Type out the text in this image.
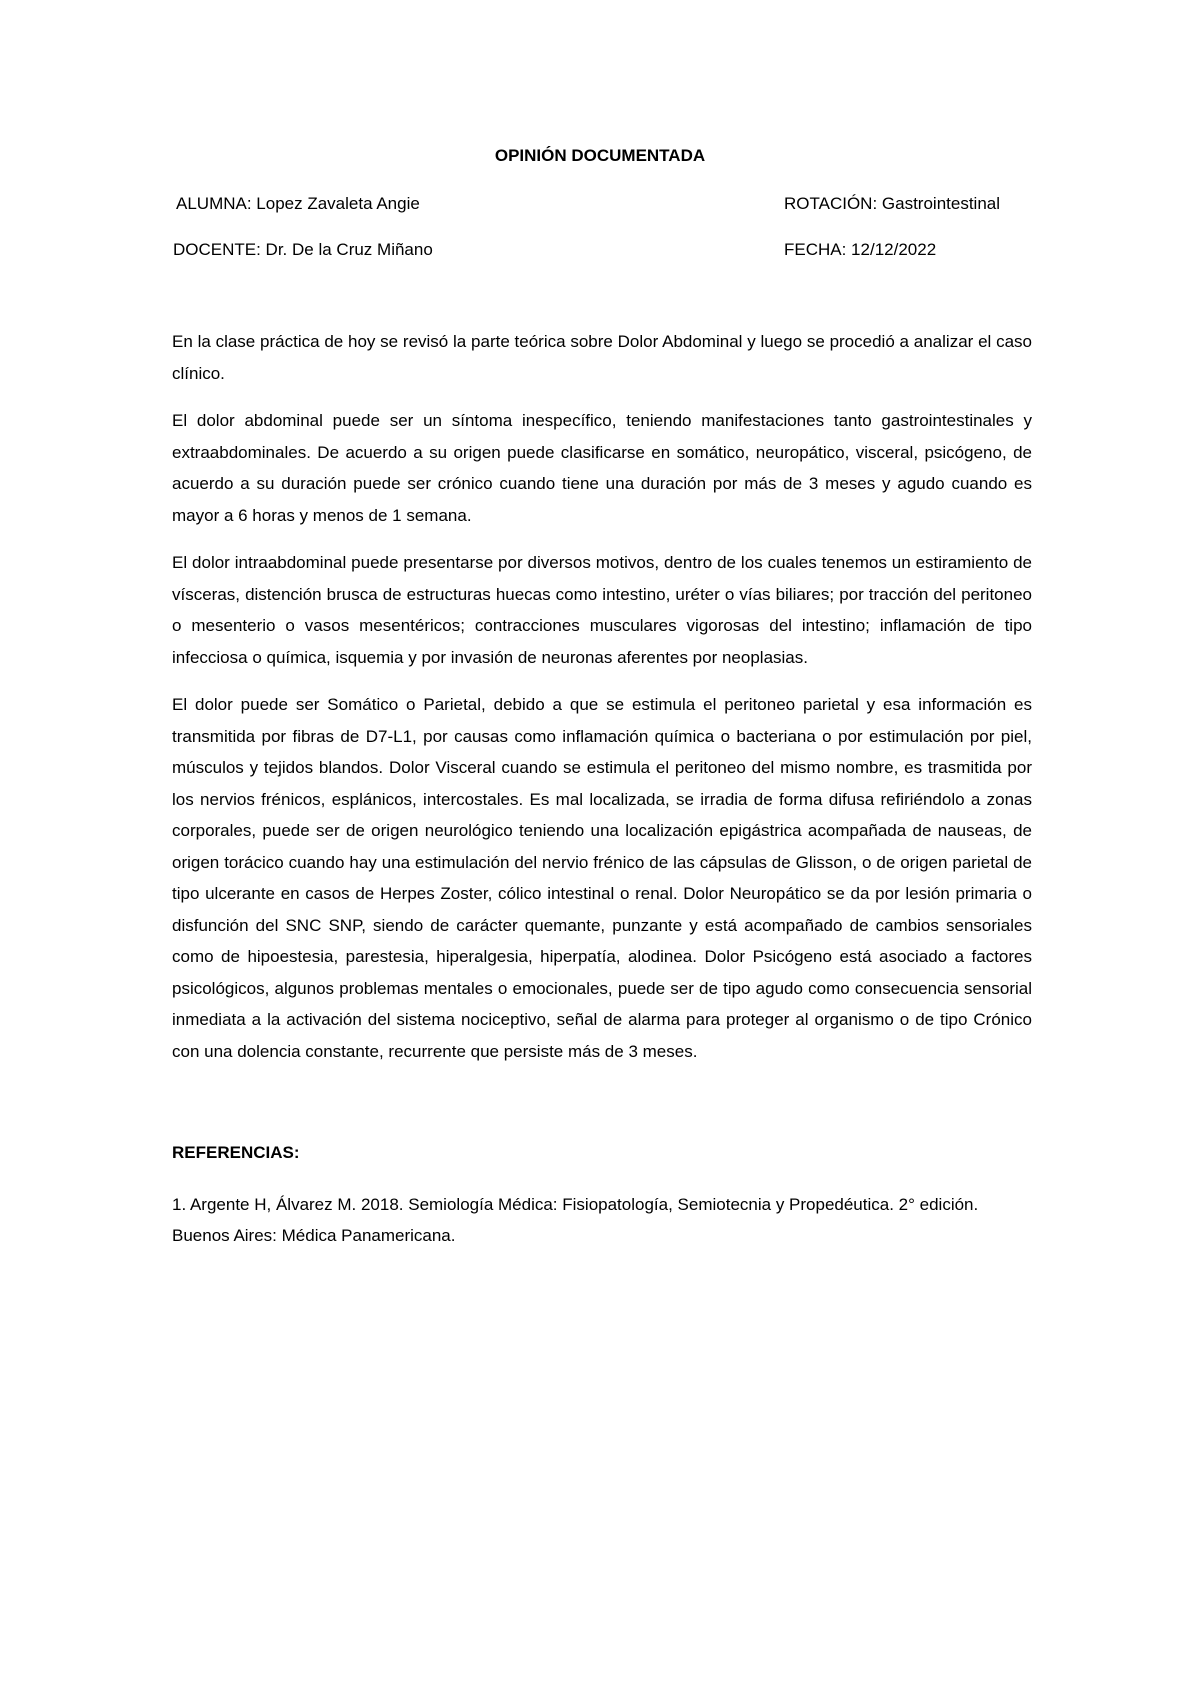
OPINIÓN DOCUMENTADA
ALUMNA: Lopez Zavaleta Angie	ROTACIÓN: Gastrointestinal
DOCENTE: Dr. De la Cruz Miñano	FECHA: 12/12/2022

En la clase práctica de hoy se revisó la parte teórica sobre Dolor Abdominal y luego se procedió a analizar el caso clínico.

El dolor abdominal puede ser un síntoma inespecífico, teniendo manifestaciones tanto gastrointestinales y extraabdominales. De acuerdo a su origen puede clasificarse en somático, neuropático, visceral, psicógeno, de acuerdo a su duración puede ser crónico cuando tiene una duración por más de 3 meses y agudo cuando es mayor a 6 horas y menos de 1 semana.

El dolor intraabdominal puede presentarse por diversos motivos, dentro de los cuales tenemos un estiramiento de vísceras, distención brusca de estructuras huecas como intestino, uréter o vías biliares; por tracción del peritoneo o mesenterio o vasos mesentéricos; contracciones musculares vigorosas del intestino; inflamación de tipo infecciosa o química, isquemia y por invasión de neuronas aferentes por neoplasias.

El dolor puede ser Somático o Parietal, debido a que se estimula el peritoneo parietal y esa información es transmitida por fibras de D7-L1, por causas como inflamación química o bacteriana o por estimulación por piel, músculos y tejidos blandos. Dolor Visceral cuando se estimula el peritoneo del mismo nombre, es trasmitida por los nervios frénicos, esplánicos, intercostales. Es mal localizada, se irradia de forma difusa refiriéndolo a zonas corporales, puede ser de origen neurológico teniendo una localización epigástrica acompañada de nauseas, de origen torácico cuando hay una estimulación del nervio frénico de las cápsulas de Glisson, o de origen parietal de tipo ulcerante en casos de Herpes Zoster, cólico intestinal o renal. Dolor Neuropático se da por lesión primaria o disfunción del SNC SNP, siendo de carácter quemante, punzante y está acompañado de cambios sensoriales como de hipoestesia, parestesia, hiperalgesia, hiperpatía, alodinea. Dolor Psicógeno está asociado a factores psicológicos, algunos problemas mentales o emocionales, puede ser de tipo agudo como consecuencia sensorial inmediata a la activación del sistema nociceptivo, señal de alarma para proteger al organismo o de tipo Crónico con una dolencia constante, recurrente que persiste más de 3 meses.

REFERENCIAS:

1. Argente H, Álvarez M. 2018. Semiología Médica: Fisiopatología, Semiotecnia y Propedéutica. 2° edición. Buenos Aires: Médica Panamericana.
